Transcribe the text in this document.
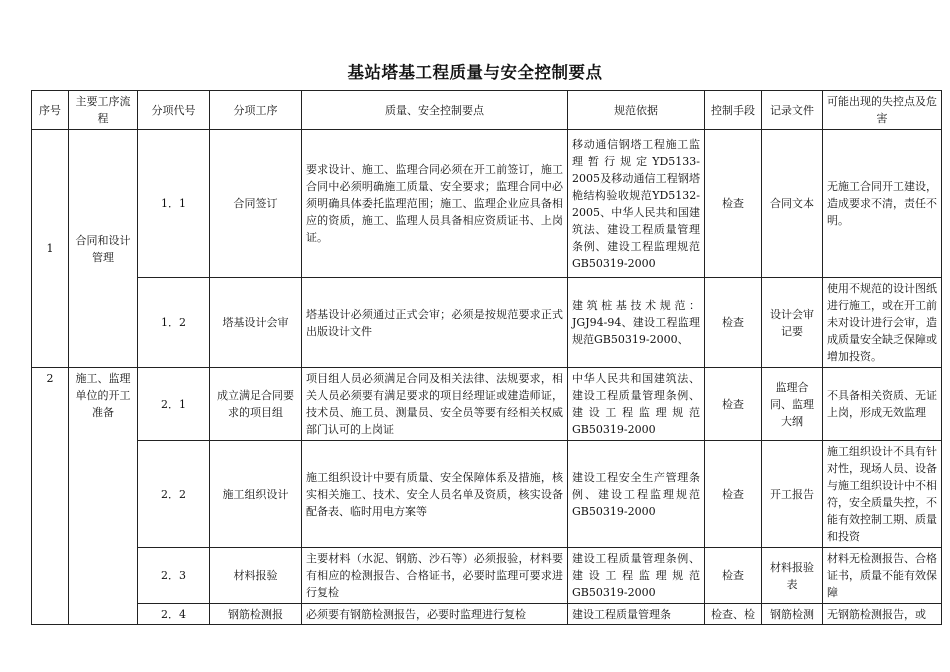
基站塔基工程质量与安全控制要点
序号	主要工序流程	分项代号	分项工序	质量、安全控制要点	规范依据	控制手段	记录文件	可能出现的失控点及危害
1	合同和设计管理	1．1	合同签订	要求设计、施工、监理合同必须在开工前签订，施工合同中必须明确施工质量、安全要求；监理合同中必须明确具体委托监理范围；施工、监理企业应具备相应的资质，施工、监理人员具备相应资质证书、上岗证。	移动通信钢塔工程施工监理暂行规定YD5133-2005及移动通信工程钢塔桅结构验收规范YD5132-2005、中华人民共和国建筑法、建设工程质量管理条例、建设工程监理规范GB50319-2000	检查	合同文本	无施工合同开工建设，造成要求不清，责任不明。
		1．2	塔基设计会审	塔基设计必须通过正式会审；必须是按规范要求正式出版设计文件	建筑桩基技术规范：JGJ94-94、建设工程监理规范GB50319-2000、	检查	设计会审记要	使用不规范的设计图纸进行施工，或在开工前未对设计进行会审，造成质量安全缺乏保障或增加投资。
2	施工、监理单位的开工准备	2．1	成立满足合同要求的项目组	项目组人员必须满足合同及相关法律、法规要求，相关人员必须要有满足要求的项目经理证或建造师证，技术员、施工员、测量员、安全员等要有经相关权威部门认可的上岗证	中华人民共和国建筑法、建设工程质量管理条例、建设工程监理规范GB50319-2000	检查	监理合同、监理大纲	不具备相关资质、无证上岗，形成无效监理
		2．2	施工组织设计	施工组织设计中要有质量、安全保障体系及措施，核实相关施工、技术、安全人员名单及资质，核实设备配备表、临时用电方案等	建设工程安全生产管理条例、建设工程监理规范GB50319-2000	检查	开工报告	施工组织设计不具有针对性，现场人员、设备与施工组织设计中不相符，安全质量失控，不能有效控制工期、质量和投资
		2．3	材料报验	主要材料（水泥、钢筋、沙石等）必须报验，材料要有相应的检测报告、合格证书，必要时监理可要求进行复检	建设工程质量管理条例、建设工程监理规范GB50319-2000	检查	材料报验表	材料无检测报告、合格证书，质量不能有效保障

		2．4	钢筋检测报	必须要有钢筋检测报告，必要时监理进行复检	建设工程质量管理条	检查、检	钢筋检测	无钢筋检测报告，或
